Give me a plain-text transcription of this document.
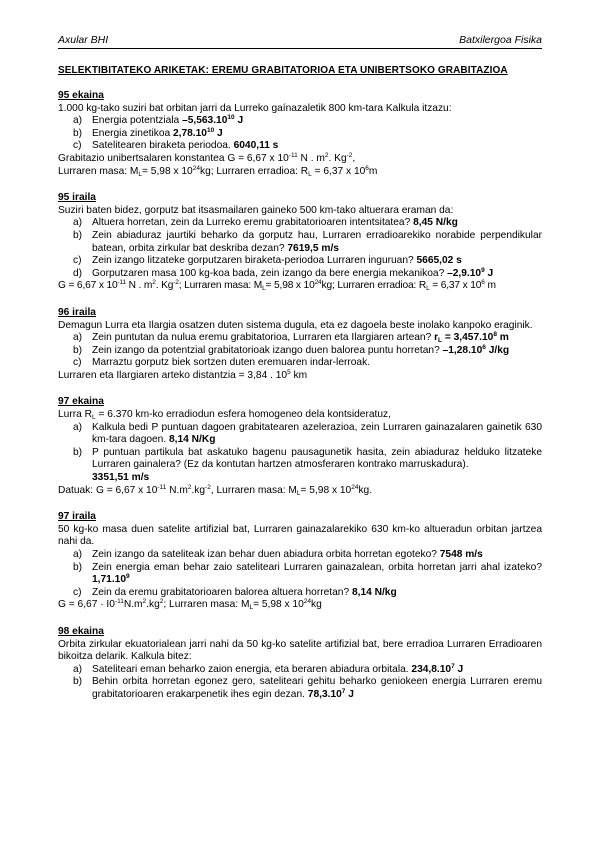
Axular BHI	Batxilergoa Fisika
SELEKTIBITATEKO ARIKETAK: EREMU GRABITATORIOA ETA UNIBERTSOKO GRABITAZIOA

95 ekaina

1.000 kg-tako suziri bat orbitan jarri da Lurreko gaínazaletik 800 km-tara Kalkula itzazu:

a) Energia potentziala –5,563.10$^{10}$ J
b) Energia zinetikoa 2,78.10$^{10}$ J
c) Satelitearen biraketa periodoa. 6040,11 s

Grabitazio unibertsalaren konstantea G = 6,67 x $10^{-11}$ N . $m^2$. $Kg^{-2}$,

Lurraren masa: $M_L= 5,98$ x $10^{24}kg$; Lurraren erradioa: $R_L = 6,37$ x $10^6m$

95 iraila

Suziri baten bidez, gorputz bat itsasmailaren gaineko 500 km-tako altuerara eraman da:

a) Altuera horretan, zein da Lurreko eremu grabitatorioaren intentsitatea? 8,45 N/kg
b) Zein abiaduraz jaurtiki beharko da gorputz hau, Lurraren erradioarekiko norabide perpendikular batean, orbita zirkular bat deskriba dezan? 7619,5 m/s
c) Zein izango litzateke gorputzaren biraketa-periodoa Lurraren inguruan? 5665,02 s
d) Gorputzaren masa 100 kg-koa bada, zein izango da bere energia mekanikoa? –2,9.10$^9$ J

G = 6,67 x $10^{-11}$ N . $m^2$. $Kg^{-2}$; Lurraren masa: $M_L= 5,98$ x $10^{24}kg$; Lurraren erradioa: $R_L = 6,37$ x $10^6$ m

96 iraila

Demagun Lurra eta Ilargia osatzen duten sistema dugula, eta ez dagoela beste inolako kanpoko eraginik.

a) Zein puntutan da nulua eremu grabitatorioa, Lurraren eta Ilargiaren artean? $r_L = 3,457.10^8$ m
b) Zein izango da potentzial grabitatorioak izango duen balorea puntu horretan? –1,28.10$^6$ J/kg
c) Marraztu gorputz biek sortzen duten eremuaren indar-lerroak.

Lurraren eta Ilargiaren arteko distantzia = 3,84 . $10^5$ km

97 ekaina

Lurra $R_L = 6.370$ km-ko erradiodun esfera homogeneo dela kontsideratuz,

a) Kalkula bedi P puntuan dagoen grabitatearen azelerazioa, zein Lurraren gainazalaren gainetik 630 km-tara dagoen. 8,14 N/Kg
b) P puntuan partikula bat askatuko bagenu pausagunetik hasita, zein abiaduraz helduko litzateke Lurraren gainalera? (Ez da kontutan hartzen atmosferaren kontrako marruskadura).
3351,51 m/s

Datuak: G = 6,67 x $10^{-11}$ $N.m^2.kg^{-2}$, Lurraren masa: $M_L= 5,98$ x $10^{24}kg$.

97 iraila

50 kg-ko masa duen satelite artifizial bat, Lurraren gainazalarekiko 630 km-ko altueradun orbitan jartzea nahi da.

a) Zein izango da sateliteak izan behar duen abiadura orbita horretan egoteko? 7548 m/s
b) Zein energia eman behar zaio sateliteari Lurraren gainazalean, orbita horretan jarri ahal izateko? 1,71.10$^9$
c) Zein da eremu grabitatorioaren balorea altuera horretan? 8,14 N/kg

$G = 6,67 \cdot I0^{-11}N.m^2.kg^2$; Lurraren masa: $M_L= 5,98$ x $10^{24}kg$

98 ekaina

Orbita zirkular ekuatorialean jarri nahi da 50 kg-ko satelite artifizial bat, bere erradioa Lurraren Erradioaren bikoitza delarik. Kalkula bitez:

a) Sateliteari eman beharko zaion energia, eta beraren abiadura orbitala. 234,8.10$^7$ J
b) Behin orbita horretan egonez gero, sateliteari gehitu beharko geniokeen energia Lurraren eremu grabitatorioaren erakarpenetik ihes egin dezan. 78,3.10$^7$ J
